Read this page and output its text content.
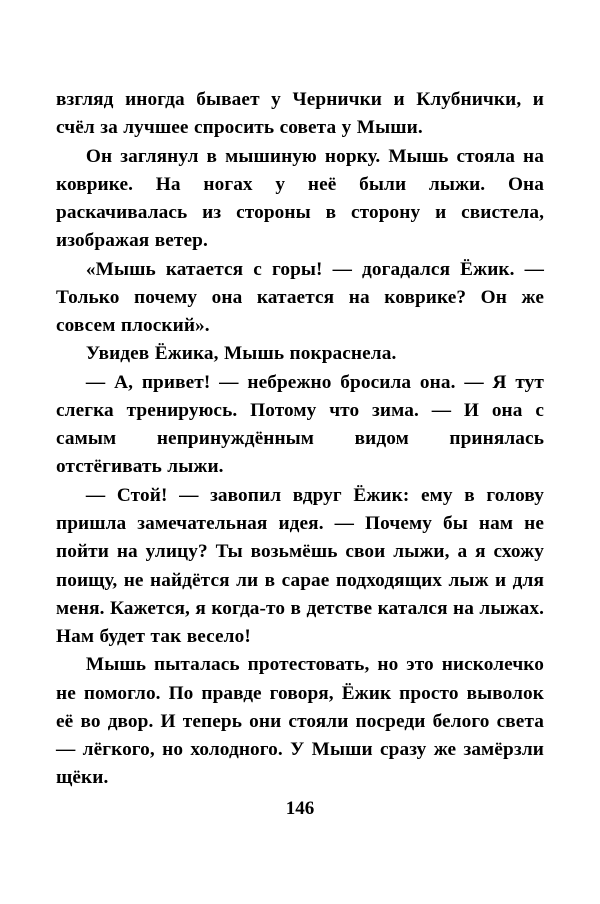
взгляд иногда бывает у Чернички и Клубнички, и счёл за лучшее спросить совета у Мыши.

Он заглянул в мышиную норку. Мышь стояла на коврике. На ногах у неё были лыжи. Она раскачивалась из стороны в сторону и свистела, изображая ветер.

«Мышь катается с горы! — догадался Ёжик. — Только почему она катается на коврике? Он же совсем плоский».

Увидев Ёжика, Мышь покраснела.

— А, привет! — небрежно бросила она. — Я тут слегка тренируюсь. Потому что зима. — И она с самым непринуждённым видом принялась отстёгивать лыжи.

— Стой! — завопил вдруг Ёжик: ему в голову пришла замечательная идея. — Почему бы нам не пойти на улицу? Ты возьмёшь свои лыжи, а я схожу поищу, не найдётся ли в сарае подходящих лыж и для меня. Кажется, я когда-то в детстве катался на лыжах. Нам будет так весело!

Мышь пыталась протестовать, но это нисколечко не помогло. По правде говоря, Ёжик просто выволок её во двор. И теперь они стояли посреди белого света — лёгкого, но холодного. У Мыши сразу же замёрзли щёки.

146
